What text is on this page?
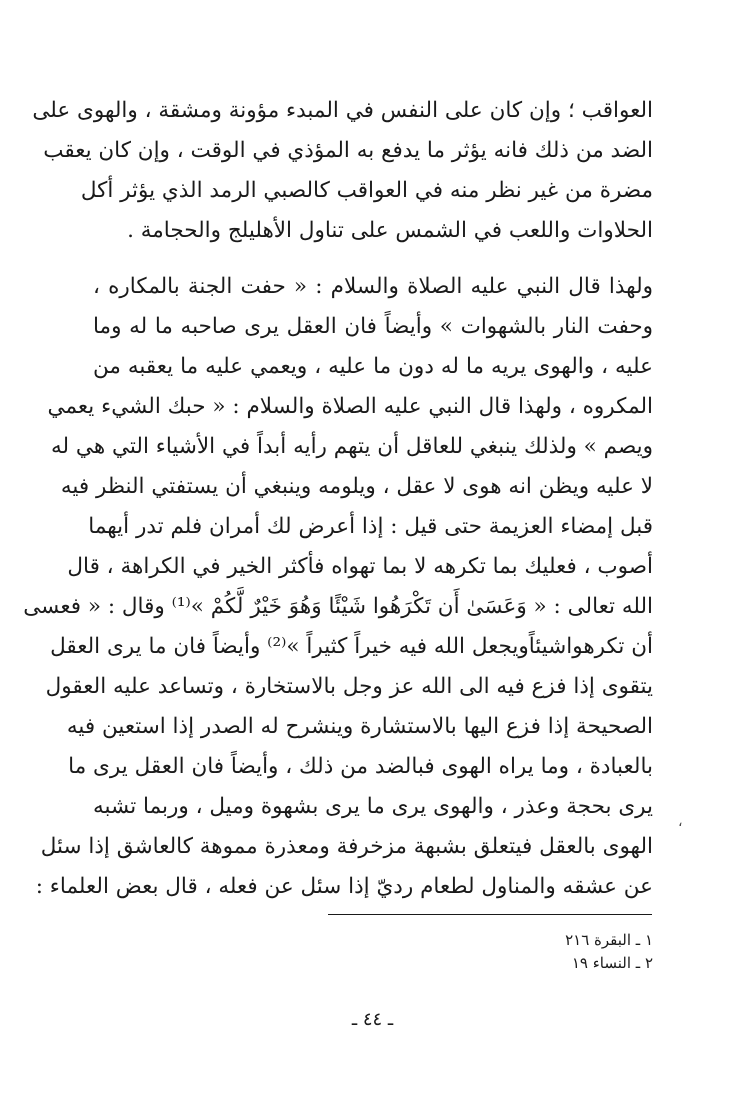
العواقب ؛ وإن كان على النفس في المبدء مؤونة ومشقة ، والهوى على
الضد من ذلك فانه يؤثر ما يدفع به المؤذي في الوقت ، وإن كان يعقب
مضرة من غير نظر منه في العواقب كالصبي الرمد الذي يؤثر أكل
الحلاوات واللعب في الشمس على تناول الأهليلج والحجامة .
ولهذا قال النبي عليه الصلاة والسلام : « حفت الجنة بالمكاره ،
وحفت النار بالشهوات » وأيضاً فان العقل يرى صاحبه ما له وما
عليه ، والهوى يريه ما له دون ما عليه ، ويعمي عليه ما يعقبه من
المكروه ، ولهذا قال النبي عليه الصلاة والسلام : « حبك الشيء يعمي
ويصم » ولذلك ينبغي للعاقل أن يتهم رأيه أبداً في الأشياء التي هي له
لا عليه ويظن انه هوى لا عقل ، ويلومه وينبغي أن يستفتي النظر فيه
قبل إمضاء العزيمة حتى قيل : إذا أعرض لك أمران فلم تدر أيهما
أصوب ، فعليك بما تكرهه لا بما تهواه فأكثر الخير في الكراهة ، قال
الله تعالى : « وَعَسَىٰ أَن تَكْرَهُوا شَيْئًا وَهُوَ خَيْرٌ لَّكُمْ »⁽¹⁾ وقال : « فعسى
أن تكرهواشيئاًويجعل الله فيه خيراً كثيراً »⁽²⁾ وأيضاً فان ما يرى العقل
يتقوى إذا فزع فيه الى الله عز وجل بالاستخارة ، وتساعد عليه العقول
الصحيحة إذا فزع اليها بالاستشارة وينشرح له الصدر إذا استعين فيه
بالعبادة ، وما يراه الهوى فبالضد من ذلك ، وأيضاً فان العقل يرى ما
يرى بحجة وعذر ، والهوى يرى ما يرى بشهوة وميل ، وربما تشبه
الهوى بالعقل فيتعلق بشبهة مزخرفة ومعذرة مموهة كالعاشق إذا سئل
عن عشقه والمناول لطعام رديّ إذا سئل عن فعله ، قال بعض العلماء :
،
١ ـ البقرة ٢١٦
٢ ـ النساء ١٩
ـ ٤٤ ـ
